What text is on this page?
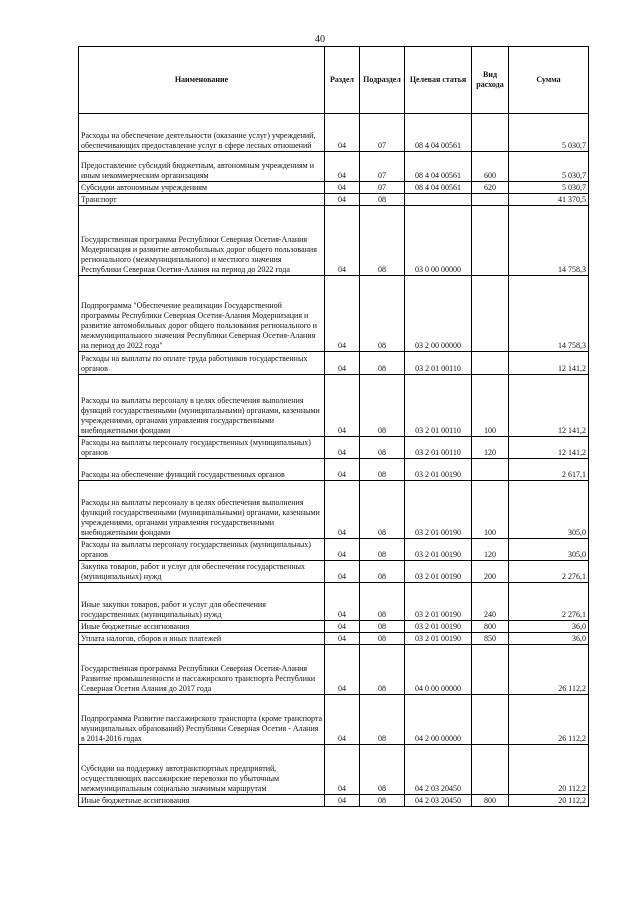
40
Наименование	Раздел	Подраздел	Целевая статья	Вид расхода	Сумма
Расходы на обеспечение деятельности (оказание услуг) учреждений, обеспечивающих предоставление услуг в сфере лесных отношений	04	07	08 4 04 00561		5 030,7
Предоставление субсидий бюджетным, автономным учреждениям и иным некоммерческим организациям	04	07	08 4 04 00561	600	5 030,7
Субсидии автономным учреждениям	04	07	08 4 04 00561	620	5 030,7
Транспорт	04	08			41 370,5
Государственная программа Республики Северная Осетия-Алания Модернизация и развитие автомобильных дорог общего пользования регионального (межмуниципального) и местного значения Республики Северная Осетия-Алания на период до 2022 года	04	08	03 0 00 00000		14 758,3
Подпрограмма "Обеспечение реализации Государственной программы Республики Северная Осетия-Алания Модернизация и развитие автомобильных дорог общего пользования регионального и межмуниципального значения Республики Северная Осетия-Алания на период до 2022 года"	04	08	03 2 00 00000		14 758,3
Расходы на выплаты по оплате труда работников государственных органов	04	08	03 2 01 00110		12 141,2
Расходы на выплаты персоналу в целях обеспечения выполнения функций государственными (муниципальными) органами, казенными учреждениями, органами управления государственными внебюджетными фондами	04	08	03 2 01 00110	100	12 141,2
Расходы на выплаты персоналу государственных (муниципальных) органов	04	08	03 2 01 00110	120	12 141,2
Расходы на обеспечение функций государственных органов	04	08	03 2 01 00190		2 617,1
Расходы на выплаты персоналу в целях обеспечения выполнения функций государственными (муниципальными) органами, казенными учреждениями, органами управления государственными внебюджетными фондами	04	08	03 2 01 00190	100	305,0
Расходы на выплаты персоналу государственных (муниципальных) органов	04	08	03 2 01 00190	120	305,0
Закупка товаров, работ и услуг для обеспечения государственных (муниципальных) нужд	04	08	03 2 01 00190	200	2 276,1
Иные закупки товаров, работ и услуг для обеспечения государственных (муниципальных) нужд	04	08	03 2 01 00190	240	2 276,1
Иные бюджетные ассигнования	04	08	03 2 01 00190	800	36,0
Уплата налогов, сборов и иных платежей	04	08	03 2 01 00190	850	36,0
Государственная программа Республики Северная Осетия-Алания Развитие промышленности и пассажирского транспорта Республики Северная Осетия Алания до 2017 года	04	08	04 0 00 00000		26 112,2
Подпрограмма Развитие пассажирского транспорта (кроме транспорта муниципальных образований) Республики Северная Осетия - Алания в 2014-2016 годах	04	08	04 2 00 00000		26 112,2
Субсидии на поддержку автотранспортных предприятий, осуществляющих пассажирские перевозки по убыточным межмуниципальным социально значимым маршрутам	04	08	04 2 03 20450		20 112,2
Иные бюджетные ассигнования	04	08	04 2 03 20450	800	20 112,2
